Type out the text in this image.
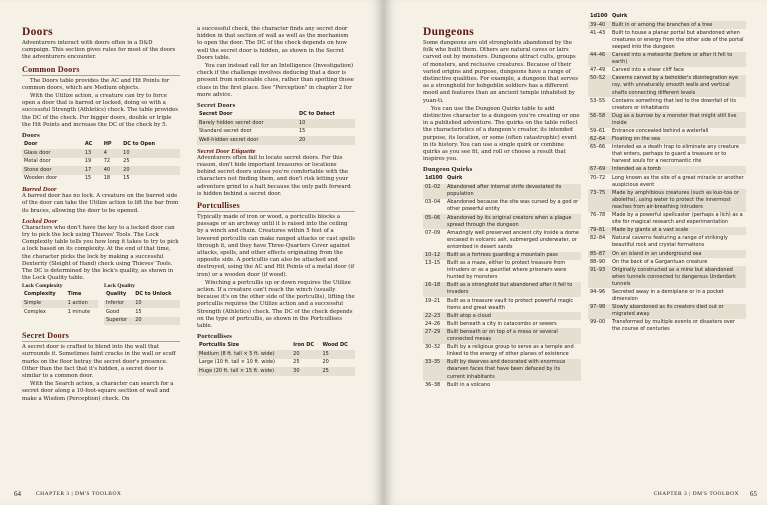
Doors

Adventurers interact with doors often in a D&D campaign. This section gives rules for most of the doors the adventurers encounter.

Common Doors

The Doors table provides the AC and Hit Points for common doors, which are Medium objects.

With the Utilize action, a creature can try to force open a door that is barred or locked, doing so with a successful Strength (Athletics) check. The table provides the DC of the check. For bigger doors, double or triple the Hit Points and increase the DC of the check by 5.

Doors
Door	AC	HP	DC to Open
Glass door	13	4	10
Metal door	19	72	25
Stone door	17	40	20
Wooden door	15	18	15
Barred Door

A barred door has no lock. A creature on the barred side of the door can take the Utilize action to lift the bar from its braces, allowing the door to be opened.

Locked Door

Characters who don't have the key to a locked door can try to pick the lock using Thieves' Tools. The Lock Complexity table tells you how long it takes to try to pick a lock based on its complexity. At the end of that time, the character picks the lock by making a successful Dexterity (Sleight of Hand) check using Thieves' Tools. The DC is determined by the lock's quality, as shown in the Lock Quality table.

Lock Complexity
Complexity	Time
Simple	1 action
Complex	1 minute
Lock Quality
Quality	DC to Unlock
Inferior	10
Good	15
Superior	20
Secret Doors

A secret door is crafted to blend into the wall that surrounds it. Sometimes faint cracks in the wall or scuff marks on the floor betray the secret door's presence. Other than the fact that it's hidden, a secret door is similar to a common door.

With the Search action, a character can search for a secret door along a 10-foot-square section of wall and make a Wisdom (Perception) check. On

a successful check, the character finds any secret door hidden in that section of wall as well as the mechanism to open the door. The DC of the check depends on how well the secret door is hidden, as shown in the Secret Doors table.

You can instead call for an Intelligence (Investigation) check if the challenge involves deducing that a door is present from noticeable clues, rather than spotting those clues in the first place. See "Perception" in chapter 2 for more advice.

Secret Doors
Secret Door	DC to Detect
Barely hidden secret door	10
Standard secret door	15
Well-hidden secret door	20
Secret Door Etiquette

Adventurers often fail to locate secret doors. For this reason, don't hide important treasures or locations behind secret doors unless you're comfortable with the characters not finding them, and don't risk letting your adventure grind to a halt because the only path forward is hidden behind a secret door.

Portcullises

Typically made of iron or wood, a portcullis blocks a passage or an archway until it is raised into the ceiling by a winch and chain. Creatures within 5 feet of a lowered portcullis can make ranged attacks or cast spells through it, and they have Three-Quarters Cover against attacks, spells, and other effects originating from the opposite side. A portcullis can also be attacked and destroyed, using the AC and Hit Points of a metal door (if iron) or a wooden door (if wood).

Winching a portcullis up or down requires the Utilize action. If a creature can't reach the winch (usually because it's on the other side of the portcullis), lifting the portcullis requires the Utilize action and a successful Strength (Athletics) check. The DC of the check depends on the type of portcullis, as shown in the Portcullises table.

Portcullises
Portcullis Size	Iron DC	Wood DC
Medium (8 ft. tall × 5 ft. wide)	20	15
Large (10 ft. tall × 10 ft. wide)	25	20
Huge (20 ft. tall × 15 ft. wide)	30	25
64	CHAPTER 3 | DM'S TOOLBOX
Dungeons

Some dungeons are old strongholds abandoned by the folk who built them. Others are natural caves or lairs carved out by monsters. Dungeons attract cults, groups of monsters, and reclusive creatures. Because of their varied origins and purpose, dungeons have a range of distinctive qualities. For example, a dungeon that serves as a stronghold for hobgoblin soldiers has a different mood and features than an ancient temple inhabited by yuan-ti.

You can use the Dungeon Quirks table to add distinctive character to a dungeon you're creating or one in a published adventure. The quirks on the table reflect the characteristics of a dungeon's creator, its intended purpose, its location, or some (often catastrophic) event in its history. You can use a single quirk or combine quirks as you see fit, and roll or choose a result that inspires you.

Dungeon Quirks
1d100	Quirk
01–02	Abandoned after internal strife devastated its population
03–04	Abandoned because the site was cursed by a god or other powerful entity
05–06	Abandoned by its original creators when a plague spread through the dungeon
07–09	Amazingly well preserved ancient city inside a dome encased in volcanic ash, submerged underwater, or entombed in desert sands
10–12	Built as a fortress guarding a mountain pass
13–15	Built as a maze, either to protect treasure from intruders or as a gauntlet where prisoners were hunted by monsters
16–18	Built as a stronghold but abandoned after it fell to invaders
19–21	Built as a treasure vault to protect powerful magic items and great wealth
22–23	Built atop a cloud
24–26	Built beneath a city in catacombs or sewers
27–29	Built beneath or on top of a mesa or several connected mesas
30–32	Built by a religious group to serve as a temple and linked to the energy of other planes of existence
33–35	Built by dwarves and decorated with enormous dwarven faces that have been defaced by its current inhabitants
36–38	Built in a volcano
1d100	Quirk
39–40	Built in or among the branches of a tree
41–43	Built to house a planar portal but abandoned when creatures or energy from the other side of the portal seeped into the dungeon
44–46	Carved into a meteorite (before or after it fell to earth)
47–49	Carved into a sheer cliff face
50–52	Caverns carved by a beholder's disintegration eye ray, with unnaturally smooth walls and vertical shafts connecting different levels
53–55	Contains something that led to the downfall of its creators or inhabitants
56–58	Dug as a burrow by a monster that might still live inside
59–61	Entrance concealed behind a waterfall
62–64	Floating on the sea
65–66	Intended as a death trap to eliminate any creature that enters, perhaps to guard a treasure or to harvest souls for a necromantic rite
67–69	Intended as a tomb
70–72	Long known as the site of a great miracle or another auspicious event
73–75	Made by amphibious creatures (such as kuo-toa or aboleths), using water to protect the innermost reaches from air-breathing intruders
76–78	Made by a powerful spellcaster (perhaps a lich) as a site for magical research and experimentation
79–81	Made by giants at a vast scale
82–84	Natural caverns featuring a range of strikingly beautiful rock and crystal formations
85–87	On an island in an underground sea
88–90	On the back of a Gargantuan creature
91–93	Originally constructed as a mine but abandoned when tunnels connected to dangerous Underdark tunnels
94–96	Secreted away in a demiplane or in a pocket dimension
97–98	Slowly abandoned as its creators died out or migrated away
99–00	Transformed by multiple events or disasters over the course of centuries
CHAPTER 3 | DM'S TOOLBOX 65
